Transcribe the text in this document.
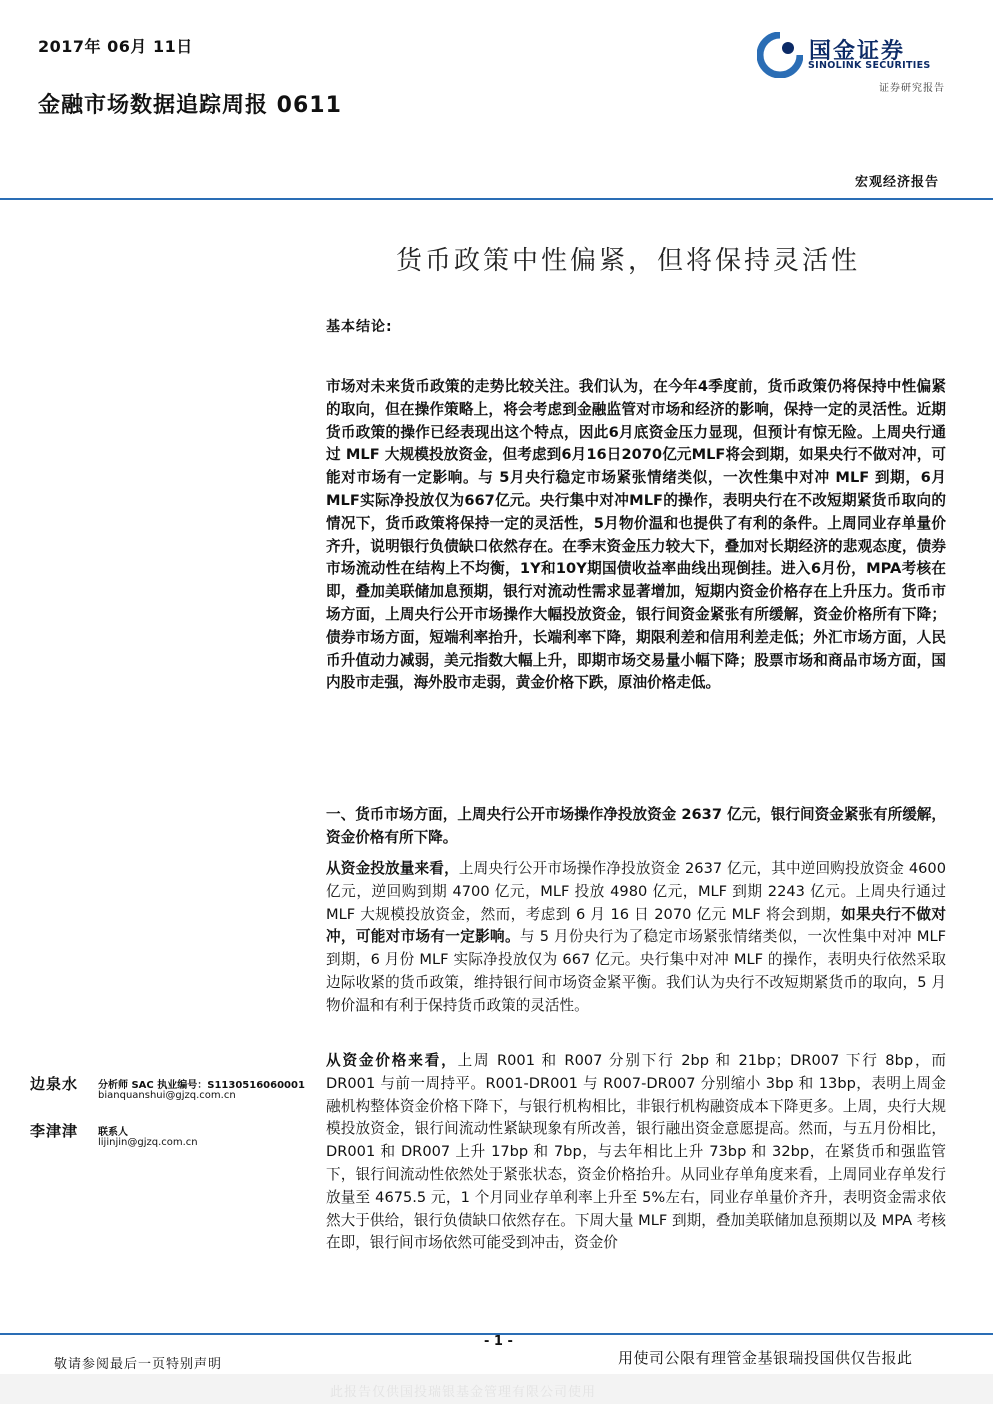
2017年 06月 11日
金融市场数据追踪周报 0611
国金证券
SINOLINK SECURITIES
证券研究报告
宏观经济报告
货币政策中性偏紧，但将保持灵活性
基本结论:
市场对未来货币政策的走势比较关注。我们认为，在今年4季度前，货币政策仍将保持中性偏紧的取向，但在操作策略上，将会考虑到金融监管对市场和经济的影响，保持一定的灵活性。近期货币政策的操作已经表现出这个特点，因此6月底资金压力显现，但预计有惊无险。上周央行通过 MLF 大规模投放资金，但考虑到6月16日2070亿元MLF将会到期，如果央行不做对冲，可能对市场有一定影响。与 5月央行稳定市场紧张情绪类似，一次性集中对冲 MLF 到期，6月MLF实际净投放仅为667亿元。央行集中对冲MLF的操作，表明央行在不改短期紧货币取向的情况下，货币政策将保持一定的灵活性，5月物价温和也提供了有利的条件。上周同业存单量价齐升，说明银行负债缺口依然存在。在季末资金压力较大下，叠加对长期经济的悲观态度，债券市场流动性在结构上不均衡，1Y和10Y期国债收益率曲线出现倒挂。进入6月份，MPA考核在即，叠加美联储加息预期，银行对流动性需求显著增加，短期内资金价格存在上升压力。货币市场方面，上周央行公开市场操作大幅投放资金，银行间资金紧张有所缓解，资金价格所有下降；债券市场方面，短端利率抬升，长端利率下降，期限利差和信用利差走低；外汇市场方面，人民币升值动力减弱，美元指数大幅上升，即期市场交易量小幅下降；股票市场和商品市场方面，国内股市走强，海外股市走弱，黄金价格下跌，原油价格走低。
一、货币市场方面，上周央行公开市场操作净投放资金 2637 亿元，银行间资金紧张有所缓解，资金价格有所下降。
从资金投放量来看，上周央行公开市场操作净投放资金 2637 亿元，其中逆回购投放资金 4600 亿元，逆回购到期 4700 亿元，MLF 投放 4980 亿元，MLF 到期 2243 亿元。上周央行通过 MLF 大规模投放资金，然而，考虑到 6 月 16 日 2070 亿元 MLF 将会到期，如果央行不做对冲，可能对市场有一定影响。与 5 月份央行为了稳定市场紧张情绪类似，一次性集中对冲 MLF 到期，6 月份 MLF 实际净投放仅为 667 亿元。央行集中对冲 MLF 的操作，表明央行依然采取边际收紧的货币政策，维持银行间市场资金紧平衡。我们认为央行不改短期紧货币的取向，5 月物价温和有利于保持货币政策的灵活性。
从资金价格来看，上周 R001 和 R007 分别下行 2bp 和 21bp；DR007 下行 8bp，而 DR001 与前一周持平。R001-DR001 与 R007-DR007 分别缩小 3bp 和 13bp，表明上周金融机构整体资金价格下降下，与银行机构相比，非银行机构融资成本下降更多。上周，央行大规模投放资金，银行间流动性紧缺现象有所改善，银行融出资金意愿提高。然而，与五月份相比，DR001 和 DR007 上升 17bp 和 7bp，与去年相比上升 73bp 和 32bp，在紧货币和强监管下，银行间流动性依然处于紧张状态，资金价格抬升。从同业存单角度来看，上周同业存单发行放量至 4675.5 元，1 个月同业存单利率上升至 5%左右，同业存单量价齐升，表明资金需求依然大于供给，银行负债缺口依然存在。下周大量 MLF 到期，叠加美联储加息预期以及 MPA 考核在即，银行间市场依然可能受到冲击，资金价
边泉水 分析师 SAC 执业编号：S1130516060001
bianquanshui@gjzq.com.cn
李津津 联系人
lijinjin@gjzq.com.cn
- 1 -
敬请参阅最后一页特别声明	用使司公限有理管金基银瑞投国供仅告报此
此报告仅供国投瑞银基金管理有限公司使用
